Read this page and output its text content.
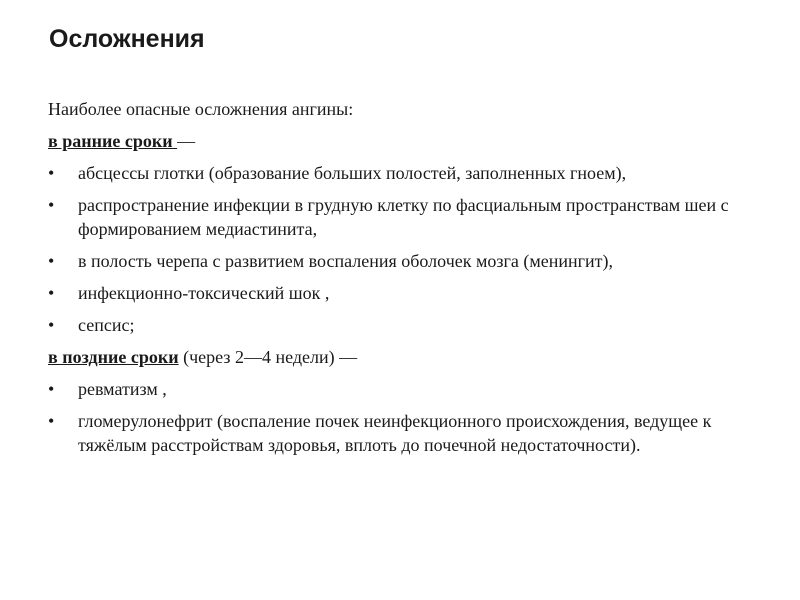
Осложнения

Наиболее опасные осложнения ангины:

в ранние сроки —

•	абсцессы глотки (образование больших полостей, заполненных гноем),
•	распространение инфекции в грудную клетку по фасциальным пространствам шеи с формированием медиастинита,
•	в полость черепа с развитием воспаления оболочек мозга (менингит),
•	инфекционно-токсический шок ,
•	сепсис;

в поздние сроки (через 2—4 недели) —

•	ревматизм ,
•	гломерулонефрит (воспаление почек неинфекционного происхождения, ведущее к тяжёлым расстройствам здоровья, вплоть до почечной недостаточности).
